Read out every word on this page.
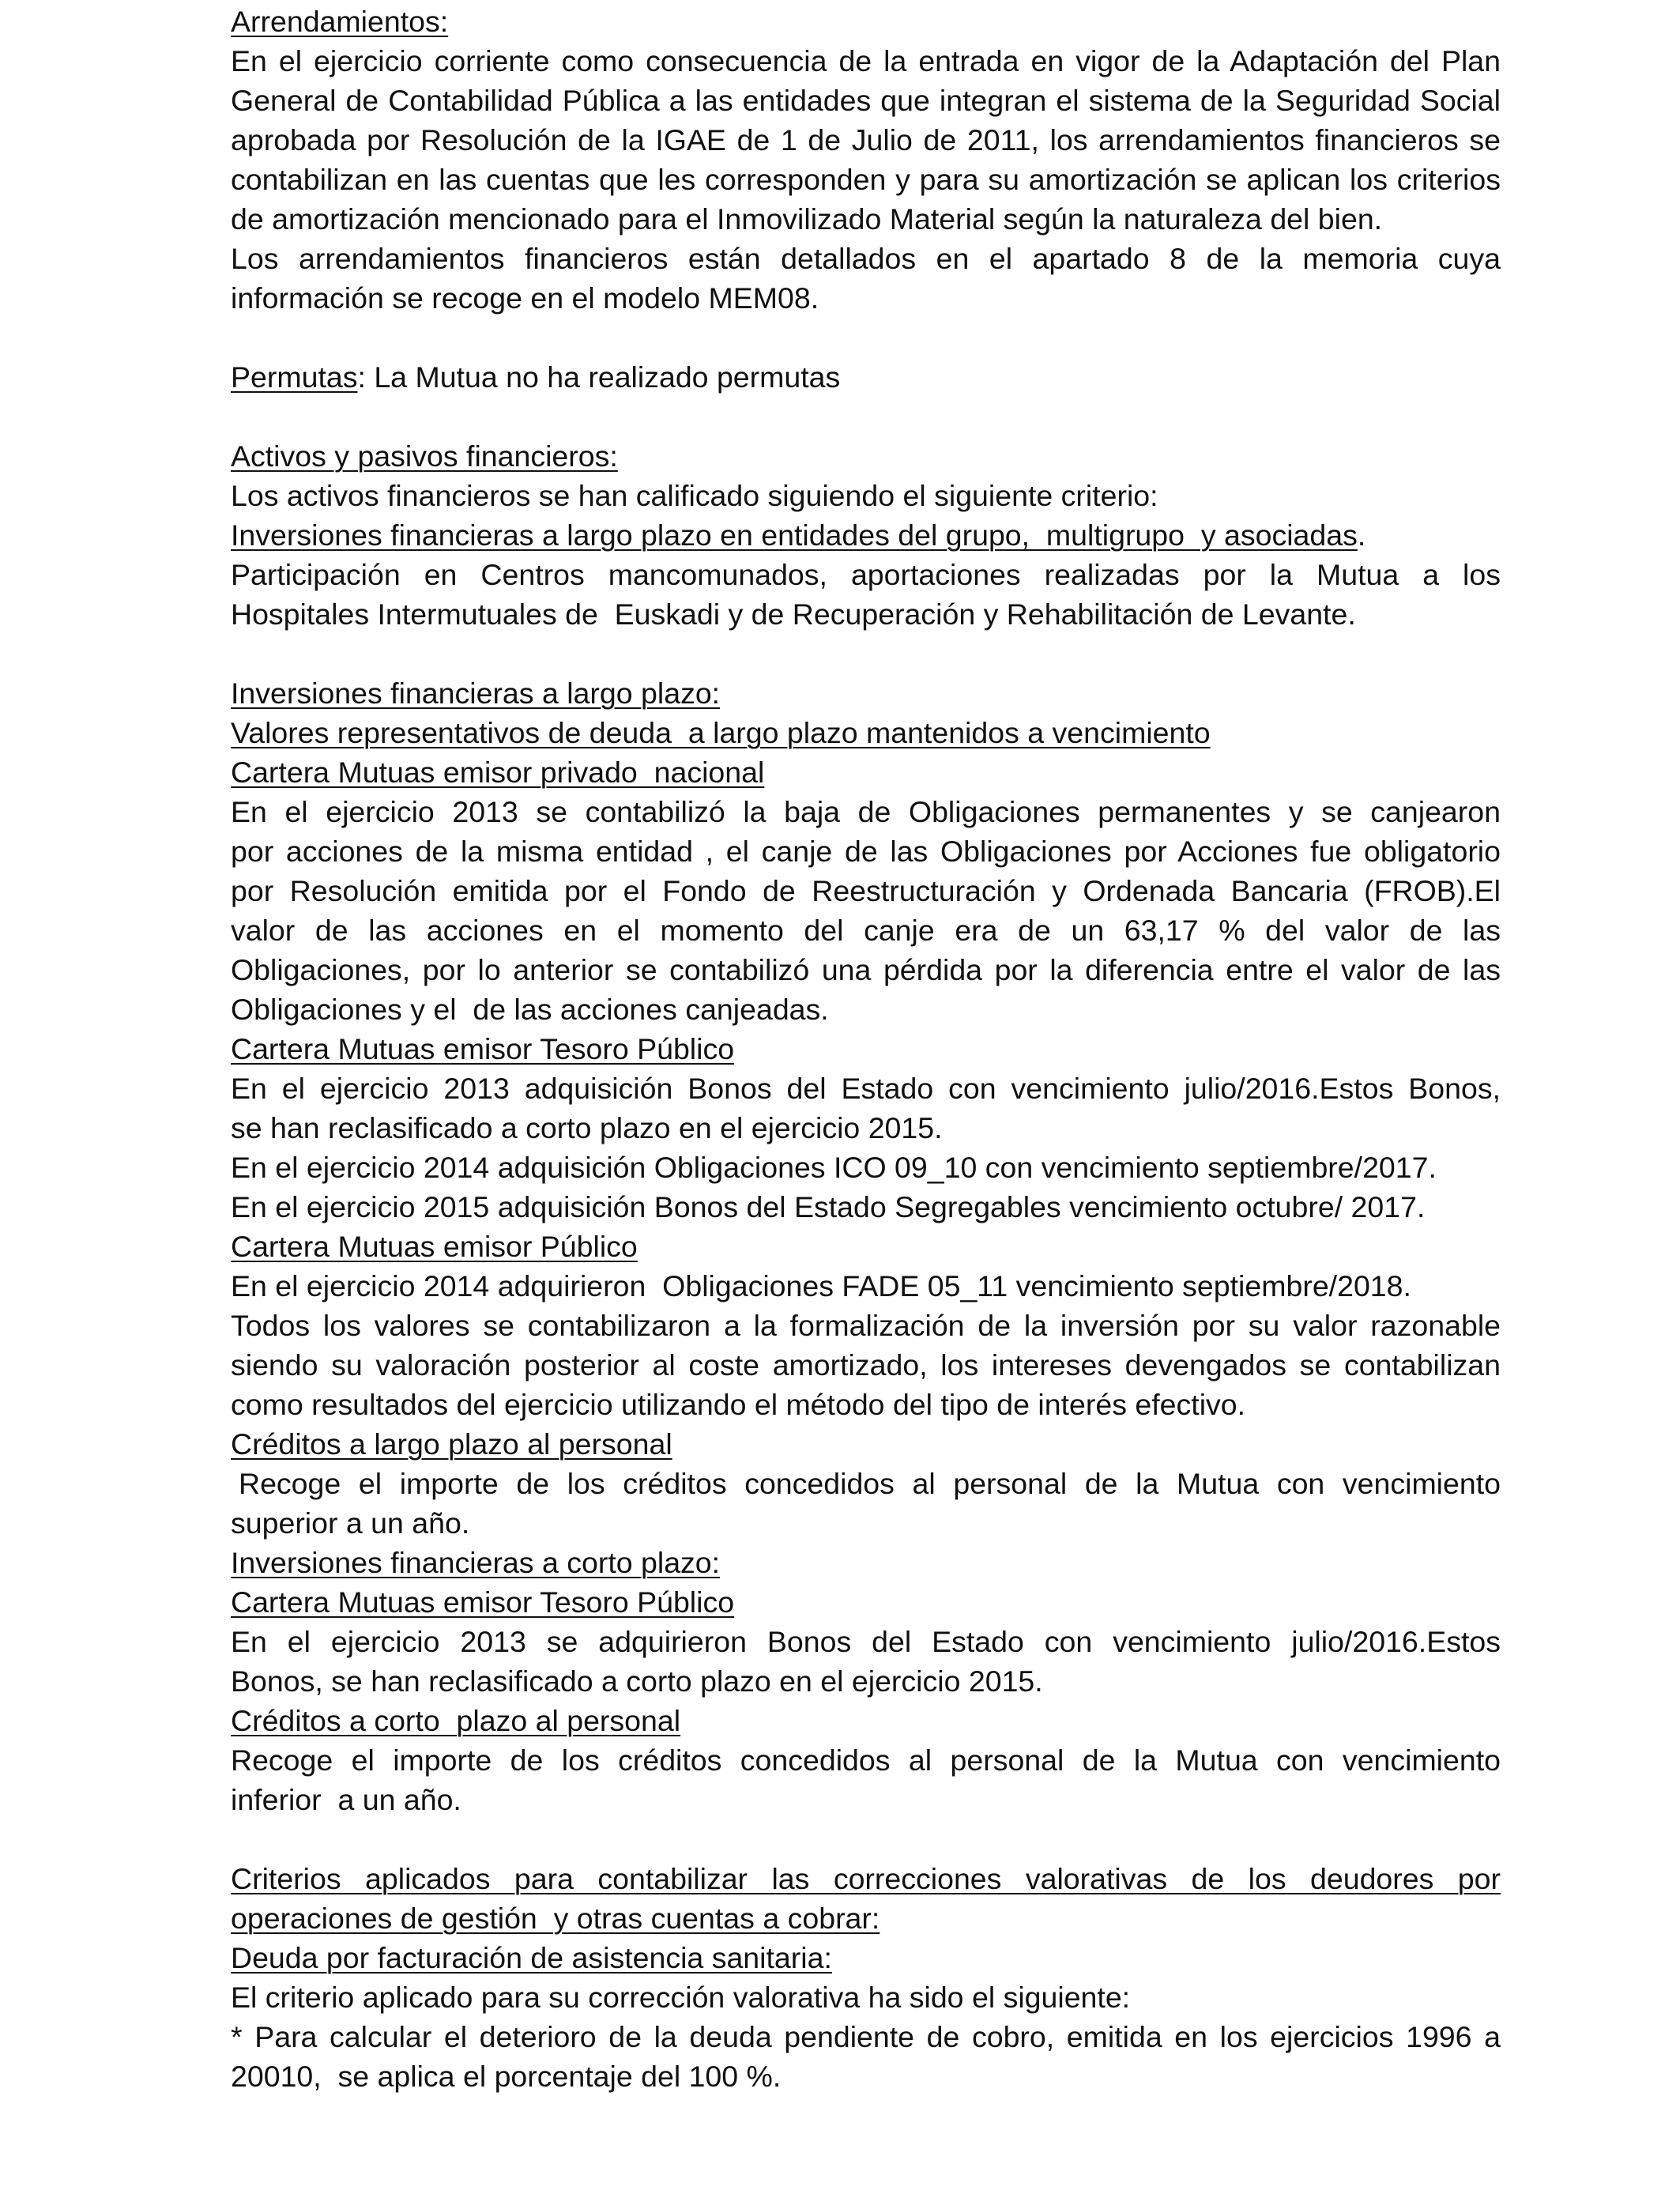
Arrendamientos:
En el ejercicio corriente como consecuencia de la entrada en vigor de la Adaptación del Plan
General de Contabilidad Pública a las entidades que integran el sistema de la Seguridad Social
aprobada por Resolución de la IGAE de 1 de Julio de 2011, los arrendamientos financieros se
contabilizan en las cuentas que les corresponden y para su amortización se aplican los criterios
de amortización mencionado para el Inmovilizado Material según la naturaleza del bien.
Los arrendamientos financieros están detallados en el apartado 8 de la memoria cuya
información se recoge en el modelo MEM08.
Permutas: La Mutua no ha realizado permutas
Activos y pasivos financieros:
Los activos financieros se han calificado siguiendo el siguiente criterio:
Inversiones financieras a largo plazo en entidades del grupo,  multigrupo  y asociadas.
Participación en Centros mancomunados, aportaciones realizadas por la Mutua a los
Hospitales Intermutuales de  Euskadi y de Recuperación y Rehabilitación de Levante.
Inversiones financieras a largo plazo:
Valores representativos de deuda  a largo plazo mantenidos a vencimiento
Cartera Mutuas emisor privado  nacional
En el ejercicio 2013 se contabilizó la baja de Obligaciones permanentes y se canjearon
por acciones de la misma entidad , el canje de las Obligaciones por Acciones fue obligatorio
por Resolución emitida por el Fondo de Reestructuración y Ordenada Bancaria (FROB).El
valor de las acciones en el momento del canje era de un 63,17 % del valor de las
Obligaciones, por lo anterior se contabilizó una pérdida por la diferencia entre el valor de las
Obligaciones y el  de las acciones canjeadas.
Cartera Mutuas emisor Tesoro Público
En el ejercicio 2013 adquisición Bonos del Estado con vencimiento julio/2016.Estos Bonos,
se han reclasificado a corto plazo en el ejercicio 2015.
En el ejercicio 2014 adquisición Obligaciones ICO 09_10 con vencimiento septiembre/2017.
En el ejercicio 2015 adquisición Bonos del Estado Segregables vencimiento octubre/ 2017.
Cartera Mutuas emisor Público
En el ejercicio 2014 adquirieron  Obligaciones FADE 05_11 vencimiento septiembre/2018.
Todos los valores se contabilizaron a la formalización de la inversión por su valor razonable
siendo su valoración posterior al coste amortizado, los intereses devengados se contabilizan
como resultados del ejercicio utilizando el método del tipo de interés efectivo.
Créditos a largo plazo al personal
Recoge el importe de los créditos concedidos al personal de la Mutua con vencimiento
superior a un año.
Inversiones financieras a corto plazo:
Cartera Mutuas emisor Tesoro Público
En el ejercicio 2013 se adquirieron Bonos del Estado con vencimiento julio/2016.Estos
Bonos, se han reclasificado a corto plazo en el ejercicio 2015.
Créditos a corto  plazo al personal
Recoge el importe de los créditos concedidos al personal de la Mutua con vencimiento
inferior  a un año.
Criterios aplicados para contabilizar las correcciones valorativas de los deudores por
operaciones de gestión  y otras cuentas a cobrar:
Deuda por facturación de asistencia sanitaria:
El criterio aplicado para su corrección valorativa ha sido el siguiente:
* Para calcular el deterioro de la deuda pendiente de cobro, emitida en los ejercicios 1996 a
20010,  se aplica el porcentaje del 100 %.
